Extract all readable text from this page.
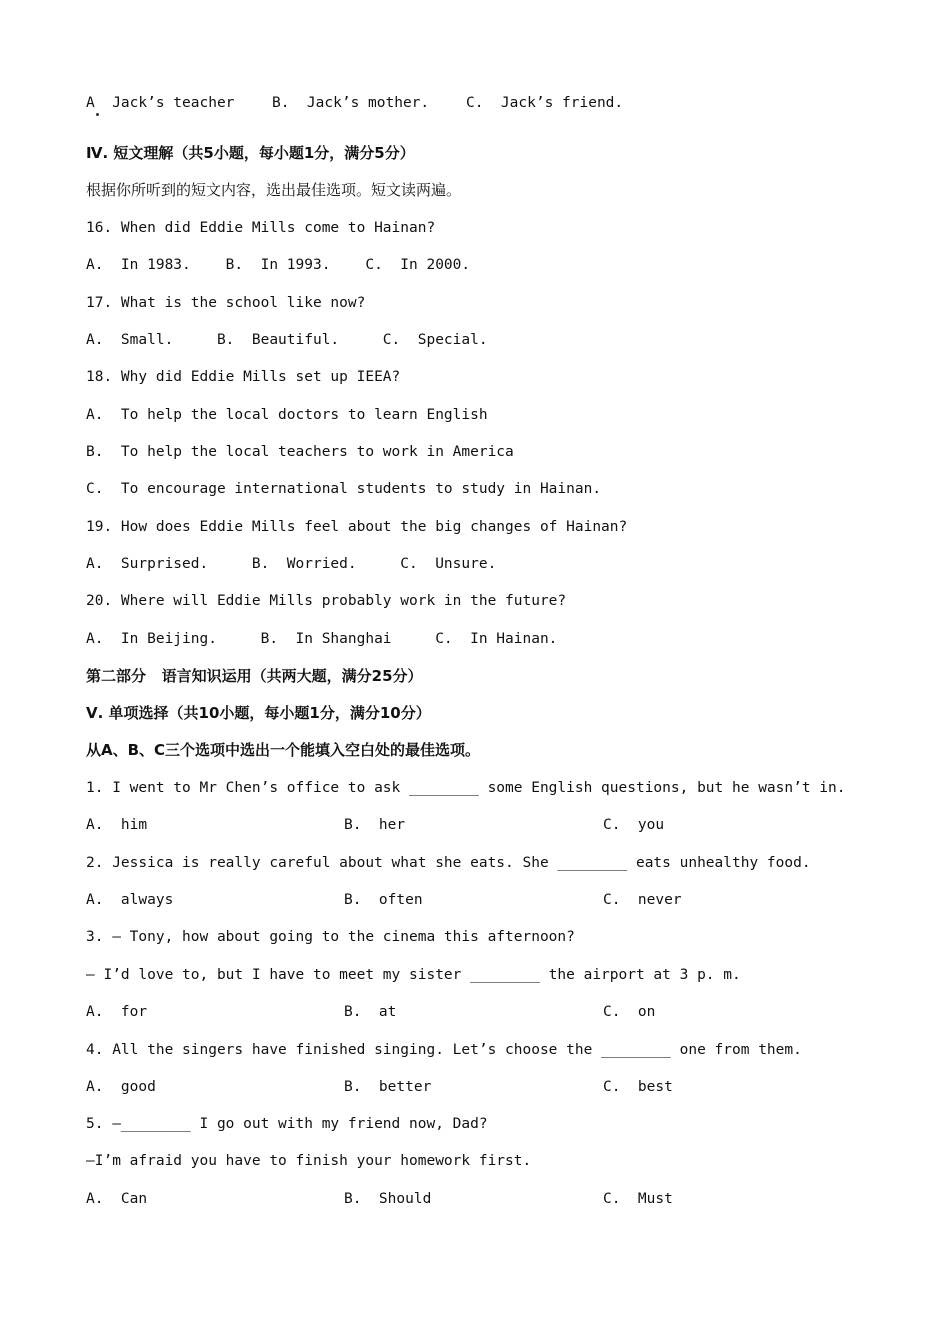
A  Jack’s teacher	B.  Jack’s mother.	C.  Jack’s friend.
Ⅳ. 短文理解（共5小题，每小题1分，满分5分）
根据你所听到的短文内容，选出最佳选项。短文读两遍。
16. When did Eddie Mills come to Hainan?
A.  In 1983.    B.  In 1993.    C.  In 2000.
17. What is the school like now?
A.  Small.     B.  Beautiful.     C.  Special.
18. Why did Eddie Mills set up IEEA?
A.  To help the local doctors to learn English
B.  To help the local teachers to work in America
C.  To encourage international students to study in Hainan.
19. How does Eddie Mills feel about the big changes of Hainan?
A.  Surprised.     B.  Worried.     C.  Unsure.
20. Where will Eddie Mills probably work in the future?
A.  In Beijing.     B.  In Shanghai     C.  In Hainan.
第二部分   语言知识运用（共两大题，满分25分）
Ⅴ. 单项选择（共10小题，每小题1分，满分10分）
从A、B、C三个选项中选出一个能填入空白处的最佳选项。
1. I went to Mr Chen’s office to ask ________ some English questions, but he wasn’t in.
A.  him	B.  her	C.  you
2. Jessica is really careful about what she eats. She ________ eats unhealthy food.
A.  always	B.  often	C.  never
3. — Tony, how about going to the cinema this afternoon?
— I’d love to, but I have to meet my sister ________ the airport at 3 p. m.
A.  for	B.  at	C.  on
4. All the singers have finished singing. Let’s choose the ________ one from them.
A.  good	B.  better	C.  best
5. —________ I go out with my friend now, Dad?
—I’m afraid you have to finish your homework first.
A.  Can	B.  Should	C.  Must
